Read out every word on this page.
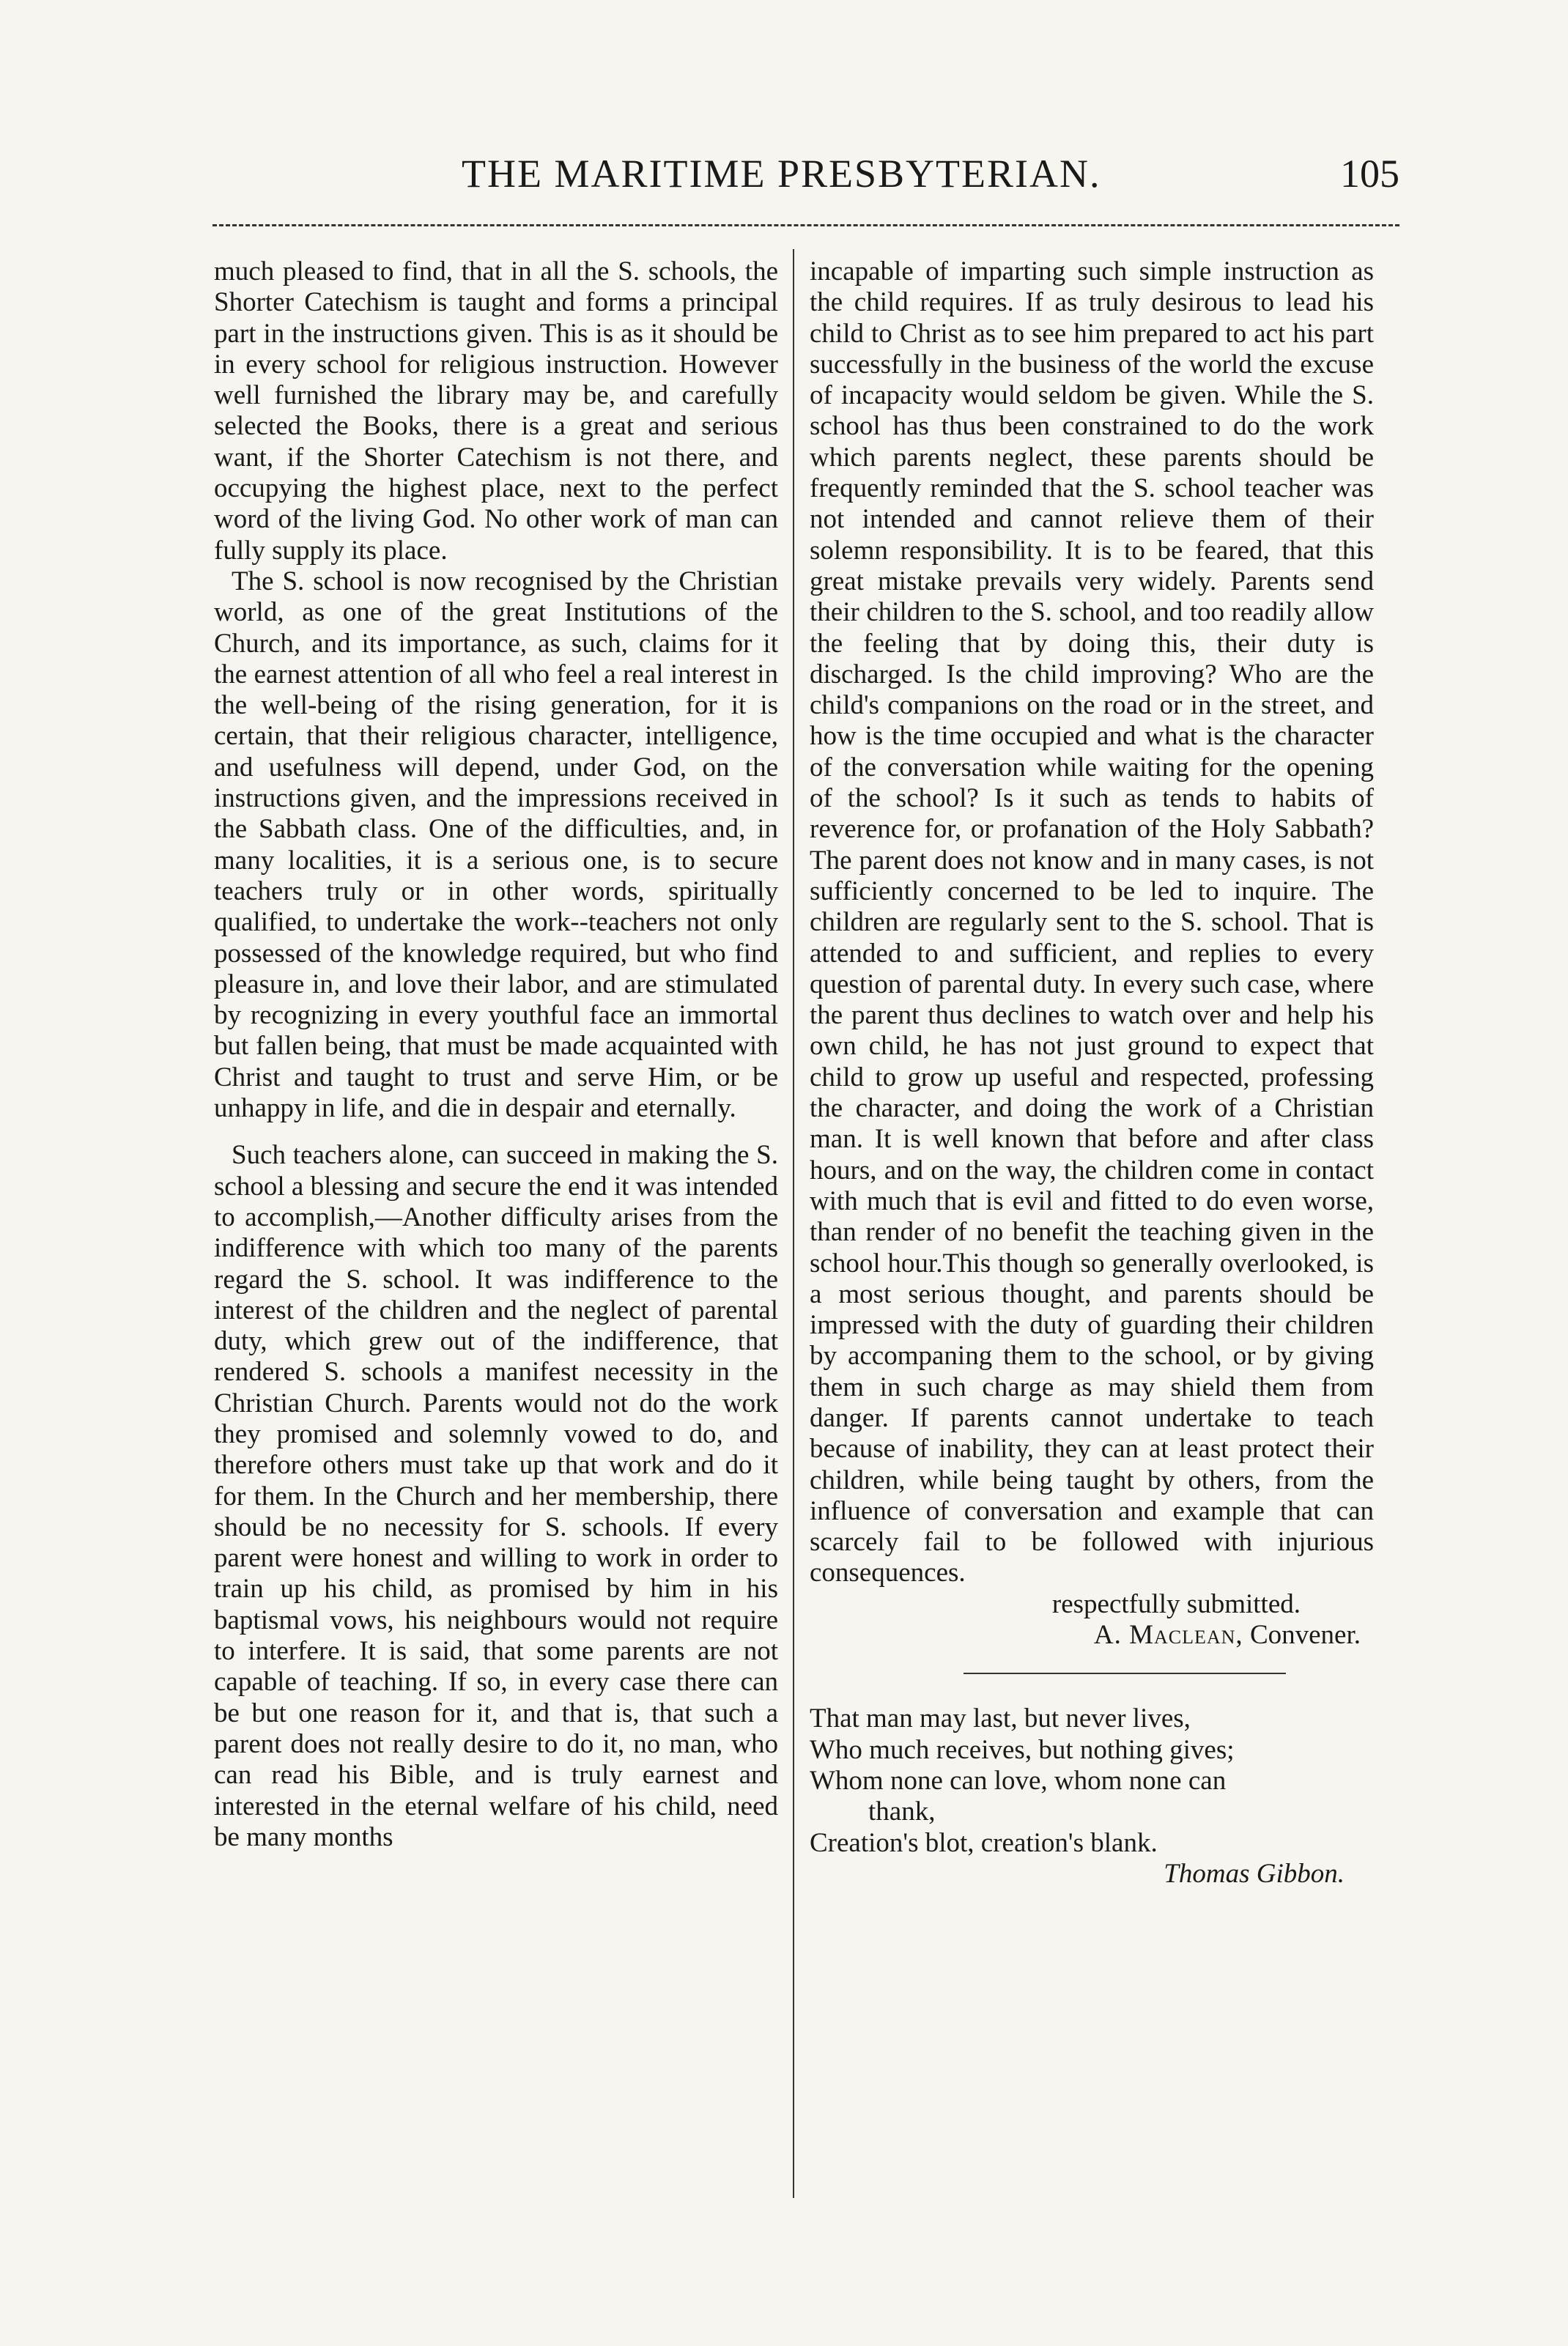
THE MARITIME PRESBYTERIAN.	105

much pleased to find, that in all the S. schools, the Shorter Catechism is taught and forms a principal part in the instructions given. This is as it should be in every school for religious instruction. However well furnished the library may be, and carefully selected the Books, there is a great and serious want, if the Shorter Catechism is not there, and occupying the highest place, next to the perfect word of the living God. No other work of man can fully supply its place.

The S. school is now recognised by the Christian world, as one of the great Institutions of the Church, and its importance, as such, claims for it the earnest attention of all who feel a real interest in the well-being of the rising generation, for it is certain, that their religious character, intelligence, and usefulness will depend, under God, on the instructions given, and the impressions received in the Sabbath class. One of the difficulties, and, in many localities, it is a serious one, is to secure teachers truly or in other words, spiritually qualified, to undertake the work--teachers not only possessed of the knowledge required, but who find pleasure in, and love their labor, and are stimulated by recognizing in every youthful face an immortal but fallen being, that must be made acquainted with Christ and taught to trust and serve Him, or be unhappy in life, and die in despair and eternally.

Such teachers alone, can succeed in making the S. school a blessing and secure the end it was intended to accomplish,—Another difficulty arises from the indifference with which too many of the parents regard the S. school. It was indifference to the interest of the children and the neglect of parental duty, which grew out of the indifference, that rendered S. schools a manifest necessity in the Christian Church. Parents would not do the work they promised and solemnly vowed to do, and therefore others must take up that work and do it for them. In the Church and her membership, there should be no necessity for S. schools. If every parent were honest and willing to work in order to train up his child, as promised by him in his baptismal vows, his neighbours would not require to interfere. It is said, that some parents are not capable of teaching. If so, in every case there can be but one reason for it, and that is, that such a parent does not really desire to do it, no man, who can read his Bible, and is truly earnest and interested in the eternal welfare of his child, need be many months

incapable of imparting such simple instruction as the child requires. If as truly desirous to lead his child to Christ as to see him prepared to act his part successfully in the business of the world the excuse of incapacity would seldom be given. While the S. school has thus been constrained to do the work which parents neglect, these parents should be frequently reminded that the S. school teacher was not intended and cannot relieve them of their solemn responsibility. It is to be feared, that this great mistake prevails very widely. Parents send their children to the S. school, and too readily allow the feeling that by doing this, their duty is discharged. Is the child improving? Who are the child's companions on the road or in the street, and how is the time occupied and what is the character of the conversation while waiting for the opening of the school? Is it such as tends to habits of reverence for, or profanation of the Holy Sabbath? The parent does not know and in many cases, is not sufficiently concerned to be led to inquire. The children are regularly sent to the S. school. That is attended to and sufficient, and replies to every question of parental duty. In every such case, where the parent thus declines to watch over and help his own child, he has not just ground to expect that child to grow up useful and respected, professing the character, and doing the work of a Christian man. It is well known that before and after class hours, and on the way, the children come in contact with much that is evil and fitted to do even worse, than render of no benefit the teaching given in the school hour.This though so generally overlooked, is a most serious thought, and parents should be impressed with the duty of guarding their children by accompaning them to the school, or by giving them in such charge as may shield them from danger. If parents cannot undertake to teach because of inability, they can at least protect their children, while being taught by others, from the influence of conversation and example that can scarcely fail to be followed with injurious consequences.

respectfully submitted.

A. Maclean, Convener.

That man may last, but never lives,

Who much receives, but nothing gives;

Whom none can love, whom none can

thank,

Creation's blot, creation's blank.

Thomas Gibbon.
